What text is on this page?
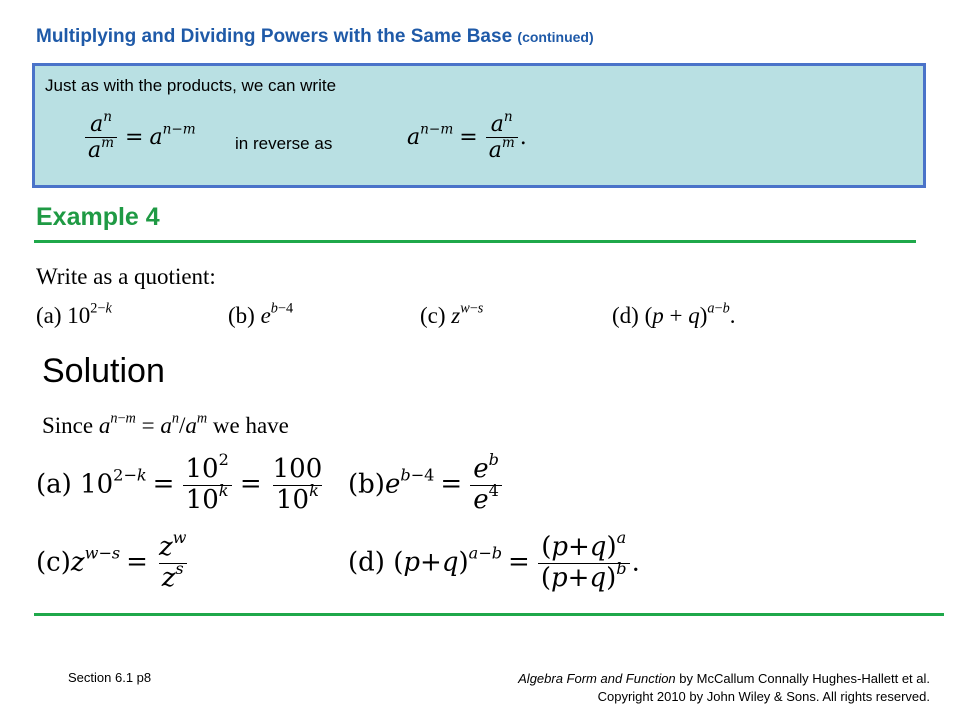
Multiplying and Dividing Powers with the Same Base (continued)
Just as with the products, we can write
$\frac{a^n}{a^m} = a^{n-m}$
in reverse as	$a^{n-m} = \frac{a^n}{a^m}$ .
Example 4
Write as a quotient:
(a) $10^{2-k}$	(b) $e^{b-4}$	(c) $z^{w-s}$	(d) $(p + q)^{a-b}$.
Solution
Since $a^{n-m} = a^n/a^m$ we have
(a) $10^{2-k} = \frac{10^2}{10^k} = \frac{100}{10^k} (b)e^{b-4} = \frac{e^b}{e^4}$
$(c)z^{w-s} = \frac{z^w}{z^s}$	(d) $(p+q)^{a-b} = \frac{(p+q)^a}{(p+q)^b}$ .
Section 6.1 p8	Algebra Form and Function by McCallum Connally Hughes-Hallett et al.
Copyright 2010 by John Wiley & Sons. All rights reserved.
